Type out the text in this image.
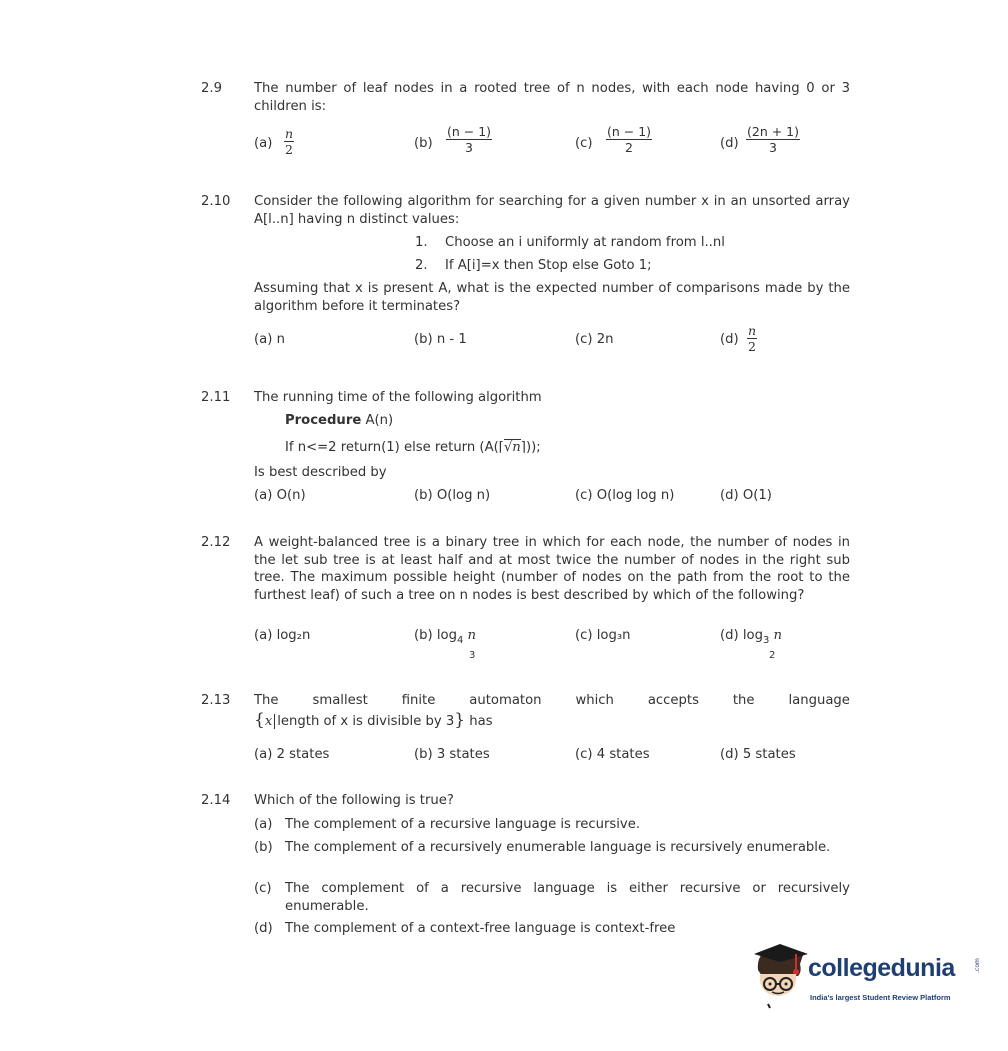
2.9 The number of leaf nodes in a rooted tree of n nodes, with each node having 0 or 3 children is:
$(a) \frac{n}{2}$	$(b) \frac{(n - 1)}{3}$	$(c) \frac{(n - 1)}{2}$	$(d) \frac{(2n + 1)}{3}$
2.10 Consider the following algorithm for searching for a given number x in an unsorted array A[l..n] having n distinct values:
1. Choose an i uniformly at random from l..nl
2. If A[i]=x then Stop else Goto 1;
Assuming that x is present A, what is the expected number of comparisons made by the algorithm before it terminates?
(a) n	(b) n - 1	(c) 2n	$(d) \frac{n}{2}$
2.11 The running time of the following algorithm
Procedure A(n)
If n<=2 return(1) else return (A(⌈√n⌉));
Is best described by
(a) O(n)	(b) O(log n)	(c) O(log log n)	(d) O(1)
2.12 A weight-balanced tree is a binary tree in which for each node, the number of nodes in the let sub tree is at least half and at most twice the number of nodes in the right sub tree. The maximum possible height (number of nodes on the path from the root to the furthest leaf) of such a tree on n nodes is best described by which of the following?
(a) log₂n	(b) $\log_4 n$
3
(c) log₃n	(d) $\log_3 n$
2
2.13 The	smallest	finite	automaton	which	accepts	the	language
{x length of x is divisible by 3} has
(a) 2 states	(b) 3 states	(c) 4 states	(d) 5 states
2.14 Which of the following is true?
(a) The complement of a recursive language is recursive.
(b) The complement of a recursively enumerable language is recursively enumerable.
(c) The complement of a recursive language is either recursive or recursively enumerable.
(d) The complement of a context-free language is context-free
collegedunia	.com
India's largest Student Review Platform
